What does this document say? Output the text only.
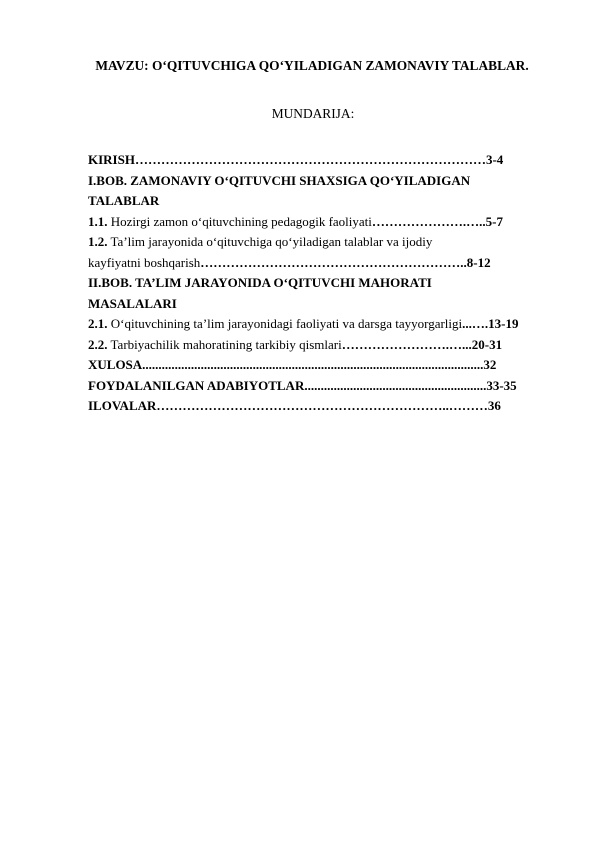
MAVZU: O‘QITUVCHIGA QO‘YILADIGAN ZAMONAVIY TALABLAR.
MUNDARIJA:
KIRISH………………………………………………………………………3-4
I.BOB. ZAMONAVIY O‘QITUVCHI SHAXSIGA QO‘YILADIGAN
TALABLAR
1.1. Hozirgi zamon o‘qituvchining pedagogik faoliyati………………….…..5-7
1.2. Ta’lim jarayonida o‘qituvchiga qo‘yiladigan talablar va ijodiy
kayfiyatni boshqarish……………………………………………………..8-12
II.BOB. TA’LIM JARAYONIDA O‘QITUVCHI MAHORATI
MASALALARI
2.1. O‘qituvchining ta’lim jarayonidagi faoliyati va darsga tayyorgarligi...….13-19
2.2. Tarbiyachilik mahoratining tarkibiy qismlari…………………….…...20-31
XULOSA.........................................................................................................32
FOYDALANILGAN ADABIYOTLAR........................................................33-35
ILOVALAR…………………………………………………………..………36
